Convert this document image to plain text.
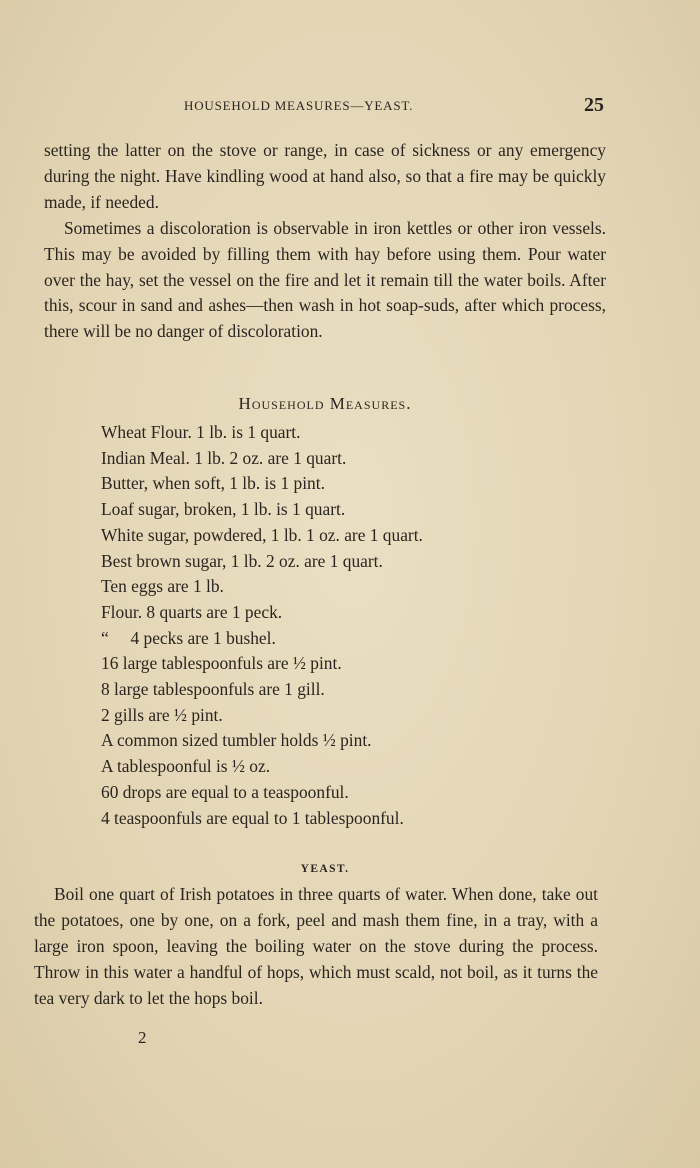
HOUSEHOLD MEASURES—YEAST.	25

setting the latter on the stove or range, in case of sickness or any emergency during the night. Have kindling wood at hand also, so that a fire may be quickly made, if needed.

Sometimes a discoloration is observable in iron kettles or other iron vessels. This may be avoided by filling them with hay before using them. Pour water over the hay, set the vessel on the fire and let it remain till the water boils. After this, scour in sand and ashes—then wash in hot soap-suds, after which process, there will be no danger of discoloration.

Household Measures.
Wheat Flour. 1 lb. is 1 quart.
Indian Meal. 1 lb. 2 oz. are 1 quart.
Butter, when soft, 1 lb. is 1 pint.
Loaf sugar, broken, 1 lb. is 1 quart.
White sugar, powdered, 1 lb. 1 oz. are 1 quart.
Best brown sugar, 1 lb. 2 oz. are 1 quart.
Ten eggs are 1 lb.
Flour. 8 quarts are 1 peck.
“     4 pecks are 1 bushel.
16 large tablespoonfuls are ½ pint.
8 large tablespoonfuls are 1 gill.
2 gills are ½ pint.
A common sized tumbler holds ½ pint.
A tablespoonful is ½ oz.
60 drops are equal to a teaspoonful.
4 teaspoonfuls are equal to 1 tablespoonful.
YEAST.

Boil one quart of Irish potatoes in three quarts of water. When done, take out the potatoes, one by one, on a fork, peel and mash them fine, in a tray, with a large iron spoon, leaving the boiling water on the stove during the process. Throw in this water a handful of hops, which must scald, not boil, as it turns the tea very dark to let the hops boil.

2
